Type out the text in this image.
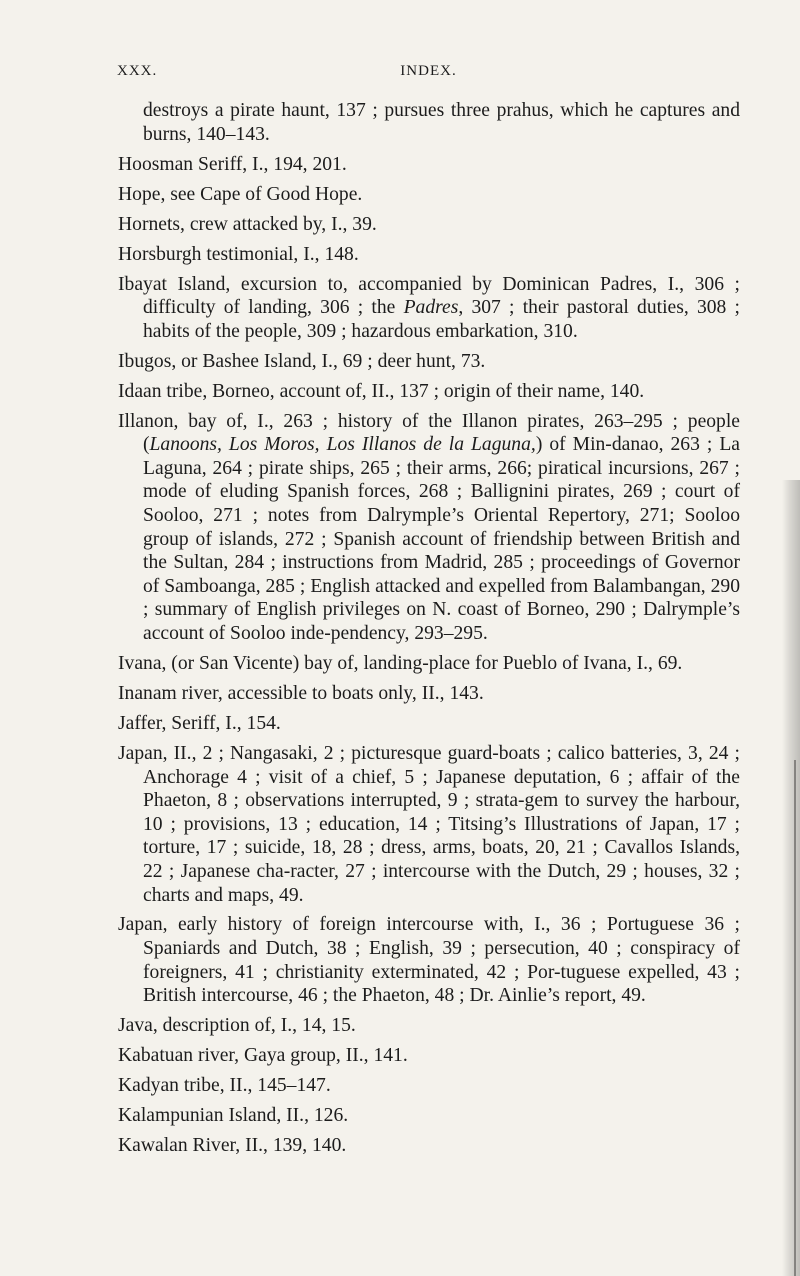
XXX.	INDEX.

destroys a pirate haunt, 137 ; pursues three prahus, which he captures and burns, 140–143.

Hoosman Seriff, I., 194, 201.

Hope, see Cape of Good Hope.

Hornets, crew attacked by, I., 39.

Horsburgh testimonial, I., 148.

Ibayat Island, excursion to, accompanied by Dominican Padres, I., 306 ; difficulty of landing, 306 ; the Padres, 307 ; their pastoral duties, 308 ; habits of the people, 309 ; hazardous embarkation, 310.

Ibugos, or Bashee Island, I., 69 ; deer hunt, 73.

Idaan tribe, Borneo, account of, II., 137 ; origin of their name, 140.

Illanon, bay of, I., 263 ; history of the Illanon pirates, 263–295 ; people (Lanoons, Los Moros, Los Illanos de la Laguna,) of Min-danao, 263 ; La Laguna, 264 ; pirate ships, 265 ; their arms, 266; piratical incursions, 267 ; mode of eluding Spanish forces, 268 ; Ballignini pirates, 269 ; court of Sooloo, 271 ; notes from Dalrymple’s Oriental Repertory, 271; Sooloo group of islands, 272 ; Spanish account of friendship between British and the Sultan, 284 ; instructions from Madrid, 285 ; proceedings of Governor of Samboanga, 285 ; English attacked and expelled from Balambangan, 290 ; summary of English privileges on N. coast of Borneo, 290 ; Dalrymple’s account of Sooloo inde-pendency, 293–295.

Ivana, (or San Vicente) bay of, landing-place for Pueblo of Ivana, I., 69.

Inanam river, accessible to boats only, II., 143.

Jaffer, Seriff, I., 154.

Japan, II., 2 ; Nangasaki, 2 ; picturesque guard-boats ; calico batteries, 3, 24 ; Anchorage 4 ; visit of a chief, 5 ; Japanese deputation, 6 ; affair of the Phaeton, 8 ; observations interrupted, 9 ; strata-gem to survey the harbour, 10 ; provisions, 13 ; education, 14 ; Titsing’s Illustrations of Japan, 17 ; torture, 17 ; suicide, 18, 28 ; dress, arms, boats, 20, 21 ; Cavallos Islands, 22 ; Japanese cha-racter, 27 ; intercourse with the Dutch, 29 ; houses, 32 ; charts and maps, 49.

Japan, early history of foreign intercourse with, I., 36 ; Portuguese 36 ; Spaniards and Dutch, 38 ; English, 39 ; persecution, 40 ; conspiracy of foreigners, 41 ; christianity exterminated, 42 ; Por-tuguese expelled, 43 ; British intercourse, 46 ; the Phaeton, 48 ; Dr. Ainlie’s report, 49.

Java, description of, I., 14, 15.

Kabatuan river, Gaya group, II., 141.

Kadyan tribe, II., 145–147.

Kalampunian Island, II., 126.

Kawalan River, II., 139, 140.
